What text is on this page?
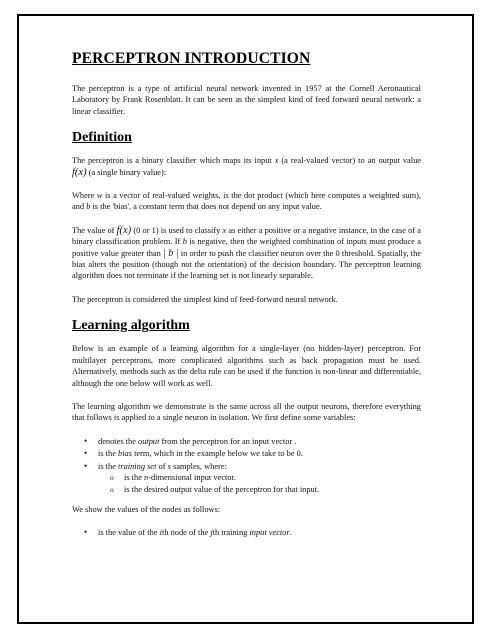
PERCEPTRON INTRODUCTION

The perceptron is a type of artificial neural network invented in 1957 at the Cornell Aeronautical Laboratory by Frank Rosenblatt. It can be seen as the simplest kind of feed forward neural network: a linear classifier.

Definition

The perceptron is a binary classifier which maps its input x (a real-valued vector) to an output value f(x) (a single binary value):

Where w is a vector of real-valued weights, is the dot product (which here computes a weighted sum), and b is the 'bias', a constant term that does not depend on any input value.

The value of f(x) (0 or 1) is used to classify x as either a positive or a negative instance, in the case of a binary classification problem. If b is negative, then the weighted combination of inputs must produce a positive value greater than | b | in order to push the classifier neuron over the 0 threshold. Spatially, the bias alters the position (though not the orientation) of the decision boundary. The perceptron learning algorithm does not terminate if the learning set is not linearly separable.

The perceptron is considered the simplest kind of feed-forward neural network.

Learning algorithm

Below is an example of a learning algorithm for a single-layer (no hidden-layer) perceptron. For multilayer perceptrons, more complicated algorithms such as back propagation must be used. Alternatively, methods such as the delta rule can be used if the function is non-linear and differentiable, although the one below will work as well.

The learning algorithm we demonstrate is the same across all the output neurons, therefore everything that follows is applied to a single neuron in isolation. We first define some variables:

• denotes the output from the perceptron for an input vector .
• is the bias term, which in the example below we take to be 0.
• is the training set of s samples, where:
o is the n-dimensional input vector.
o is the desired output value of the perceptron for that input.

We show the values of the nodes as follows:

• is the value of the ith node of the jth training input vector.
